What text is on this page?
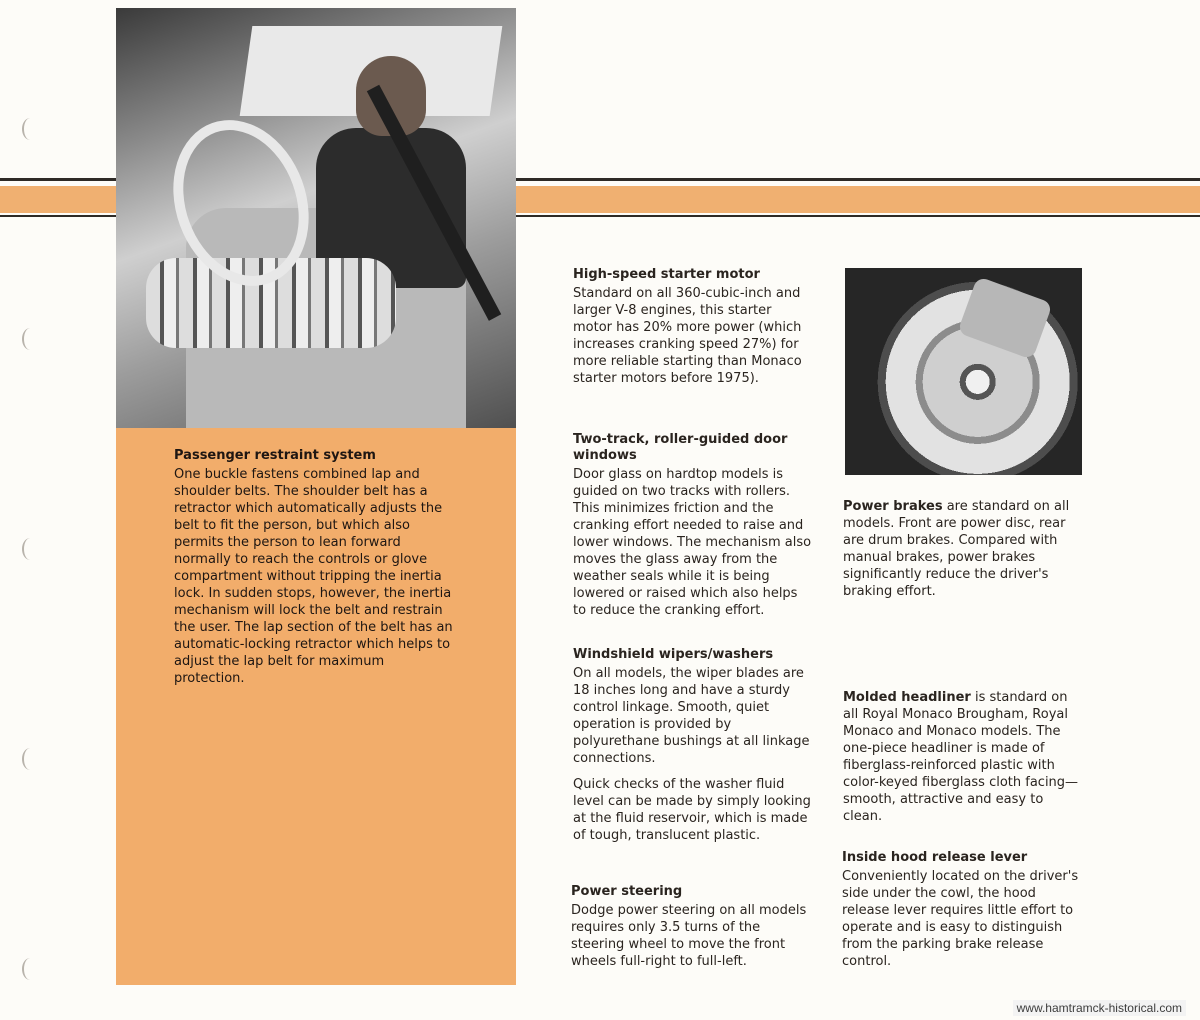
Passenger restraint system

One buckle fastens combined lap and shoulder belts. The shoulder belt has a retractor which automatically adjusts the belt to fit the person, but which also permits the person to lean forward normally to reach the controls or glove compartment without tripping the inertia lock. In sudden stops, however, the inertia mechanism will lock the belt and restrain the user. The lap section of the belt has an automatic-locking retractor which helps to adjust the lap belt for maximum protection.

High-speed starter motor

Standard on all 360-cubic-inch and larger V-8 engines, this starter motor has 20% more power (which increases cranking speed 27%) for more reliable starting than Monaco starter motors before 1975).

Two-track, roller-guided door windows

Door glass on hardtop models is guided on two tracks with rollers. This minimizes friction and the cranking effort needed to raise and lower windows. The mechanism also moves the glass away from the weather seals while it is being lowered or raised which also helps to reduce the cranking effort.

Windshield wipers/washers

On all models, the wiper blades are 18 inches long and have a sturdy control linkage. Smooth, quiet operation is provided by polyurethane bushings at all linkage connections.

Quick checks of the washer fluid level can be made by simply looking at the fluid reservoir, which is made of tough, translucent plastic.

Power steering

Dodge power steering on all models requires only 3.5 turns of the steering wheel to move the front wheels full-right to full-left.

Power brakes are standard on all models. Front are power disc, rear are drum brakes. Compared with manual brakes, power brakes significantly reduce the driver's braking effort.

Molded headliner is standard on all Royal Monaco Brougham, Royal Monaco and Monaco models. The one-piece headliner is made of fiberglass-reinforced plastic with color-keyed fiberglass cloth facing—smooth, attractive and easy to clean.

Inside hood release lever

Conveniently located on the driver's side under the cowl, the hood release lever requires little effort to operate and is easy to distinguish from the parking brake release control.

www.hamtramck-historical.com
